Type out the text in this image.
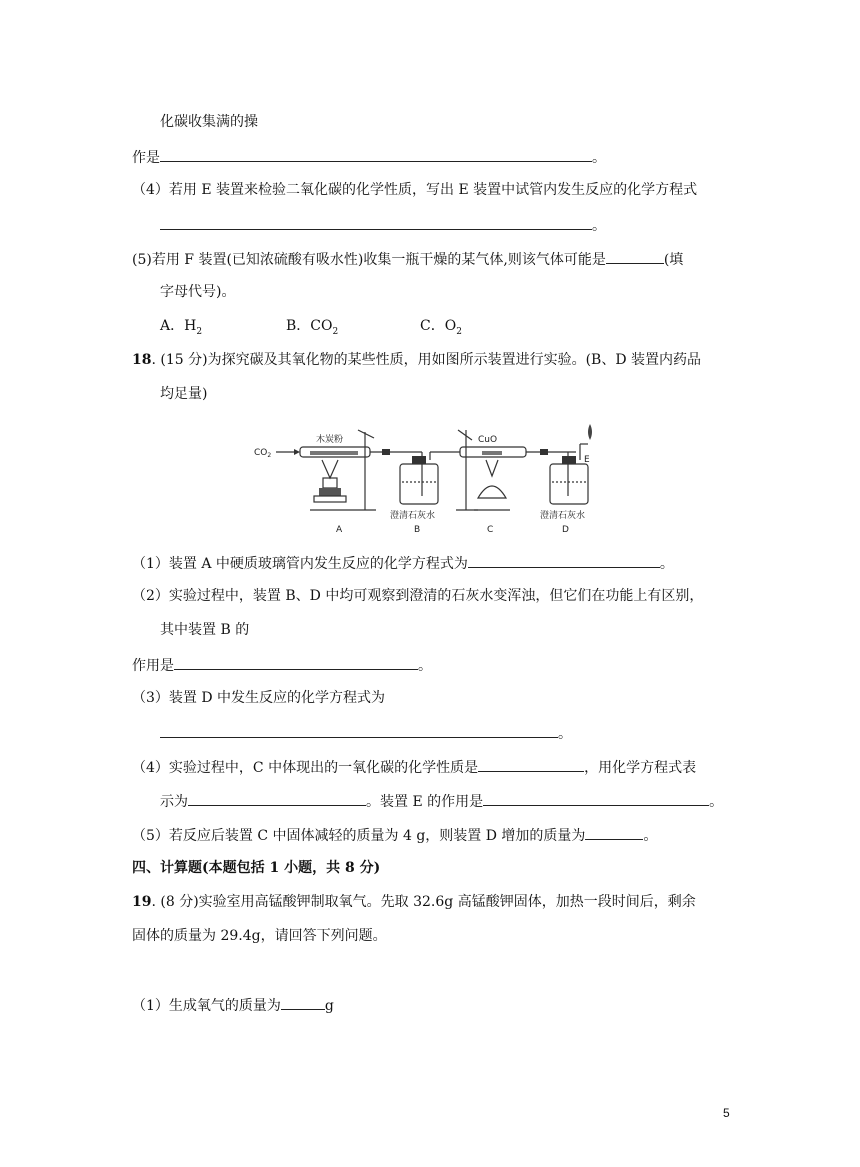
化碳收集满的操
作是	。
（4）若用 E 装置来检验二氧化碳的化学性质，写出 E 装置中试管内发生反应的化学方程式
。
(5)若用 F 装置(已知浓硫酸有吸水性)收集一瓶干燥的某气体,则该气体可能是	(填
字母代号)。
A．$H_2$	B．$CO_2$	C．$O_2$
18. (15 分)为探究碳及其氧化物的某些性质，用如图所示装置进行实验。(B、D 装置内药品
均足量)
$CO_2$
木炭粉	CuO
澄清石灰水	澄清石灰水
A	B	C	D
E
（1）装置 A 中硬质玻璃管内发生反应的化学方程式为	。
（2）实验过程中，装置 B、D 中均可观察到澄清的石灰水变浑浊，但它们在功能上有区别，
其中装置 B 的
作用是	。
（3）装置 D 中发生反应的化学方程式为
。
（4）实验过程中，C 中体现出的一氧化碳的化学性质是	，用化学方程式表
示为	。装置 E 的作用是	。
（5）若反应后装置 C 中固体减轻的质量为 4 g，则装置 D 增加的质量为	。
四、计算题(本题包括 1 小题，共 8 分)
19. (8 分)实验室用高锰酸钾制取氧气。先取 32.6g 高锰酸钾固体，加热一段时间后，剩余
固体的质量为 29.4g，请回答下列问题。
（1）生成氧气的质量为	g
5
